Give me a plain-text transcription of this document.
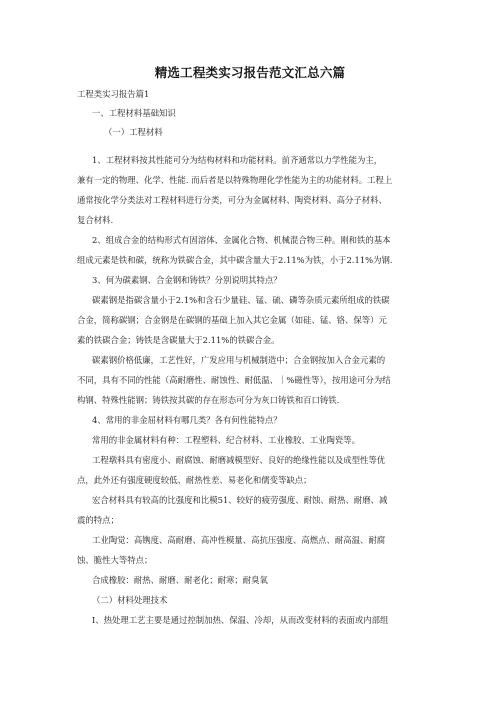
精选工程类实习报告范文汇总六篇
工程类实习报告篇1
一、工程材料基础知识
（一）工程材料
1、工程材料按其性能可分为结构材料和功能材料。前齐通常以力学性能为主，
兼有一定的物理、化学、性能. 而后者是以特殊物理化学性能为主的功能材料。工程上
通常按化学分类法对工程材料进行分类，可分为金属材料、陶瓷材料、高分子材料、
复合材料.
2、组成合金的结构形式有固溶体、金属化合物、机械混合物三种。刚和铁的基本
组成元素是铁和碳，统称为铁碳合金，其中碳含量大于2.11%为铁，小于2.11%为钢.
3、何为碳素钢、合金钢和铸铁？分别说明其特点？
碳素钢是指碳含量小于2.1%和含石少量硅、锰、硫、磷等杂质元素所组成的铁碳
合金，简称碳钢；合金钢是在碳钢的基础上加入其它金属（如硅、锰、铬、保等）元
素的铁碳合金；铸铁是含碳量大于2.11%的铁碳合金。
碳素钢价格低廉，工艺性好，广发应用与机械制造中；合金钢按加入合金元素的
不同，具有不同的性能（高耐磨性、耐蚀性、耐低温、｜%磁性等），按用途可分为结
构钢、特殊性能钢；铸铁按其碳的存在形态可分为灰口铸铁和百口铸铁.
4、常用的非金屈材料有哪几类？各有何性能特点？
常用的非金属材料有种：工程塑料、纪合材料、工业橡胶、工业陶瓷等。
工程墩料具有密度小、耐腐蚀、耐磨减模型好、良好的绝缘性能以及成型性等优
点，此外还有强度硬度较低、耐热性差、易老化和儒变等缺点；
宏合材料具有较高的比强度和比模51、较好的疲劳强度、耐蚀、耐热、耐磨、减
震的特点；
工业陶觉：高镌度、高耐磨、高冲性模量、高抗压强度、高燃点、耐高温、耐腐
蚀、脆性大等特点；
合成橡胶：耐热、耐磨、耐老化；耐寒；耐臭氧
（二）材料处理技术
I、热处理工艺主要是通过控制加热、保温、冷却，从而改变材料的表面或内部组
